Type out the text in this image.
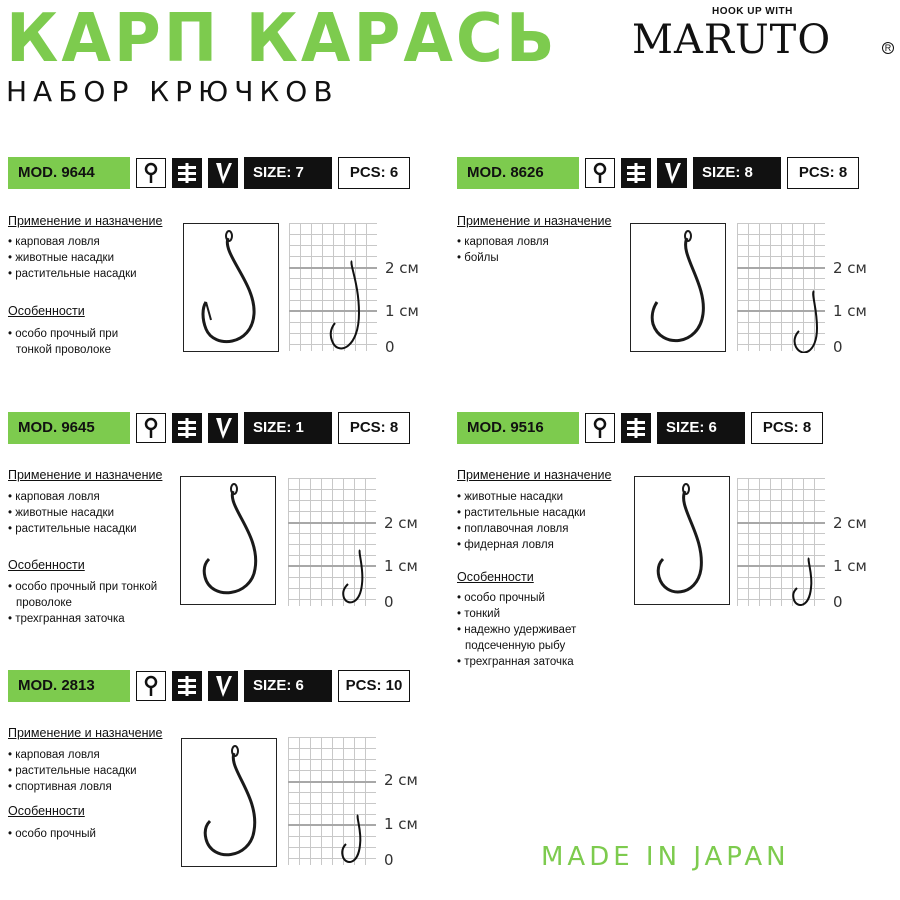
КАРП КАРАСЬ
НАБОР КРЮЧКОВ
HOOK UP WITH
MARUTO	R
MOD. 9644	SIZE: 7	PCS: 6
Применение и назначение
• карповая ловля
• животные насадки
• растительные насадки
Особенности
• особо прочный при
тонкой проволоке
2 см
1 см
0
MOD. 8626	SIZE: 8	PCS: 8
Применение и назначение
• карповая ловля
• бойлы
2 см
1 см
0
MOD. 9645	SIZE: 1	PCS: 8
Применение и назначение
• карповая ловля
• животные насадки
• растительные насадки
Особенности
• особо прочный при тонкой
проволоке
• трехгранная заточка
2 см
1 см
0
MOD. 9516	SIZE: 6	PCS: 8
Применение и назначение
• животные насадки
• растительные насадки
• поплавочная ловля
• фидерная ловля
Особенности
• особо прочный
• тонкий
• надежно удерживает
подсеченную рыбу
• трехгранная заточка
2 см
1 см
0
MOD. 2813	SIZE: 6	PCS: 10
Применение и назначение
• карповая ловля
• растительные насадки
• спортивная ловля
Особенности
• особо прочный
2 см
1 см
0	MADE IN JAPAN
